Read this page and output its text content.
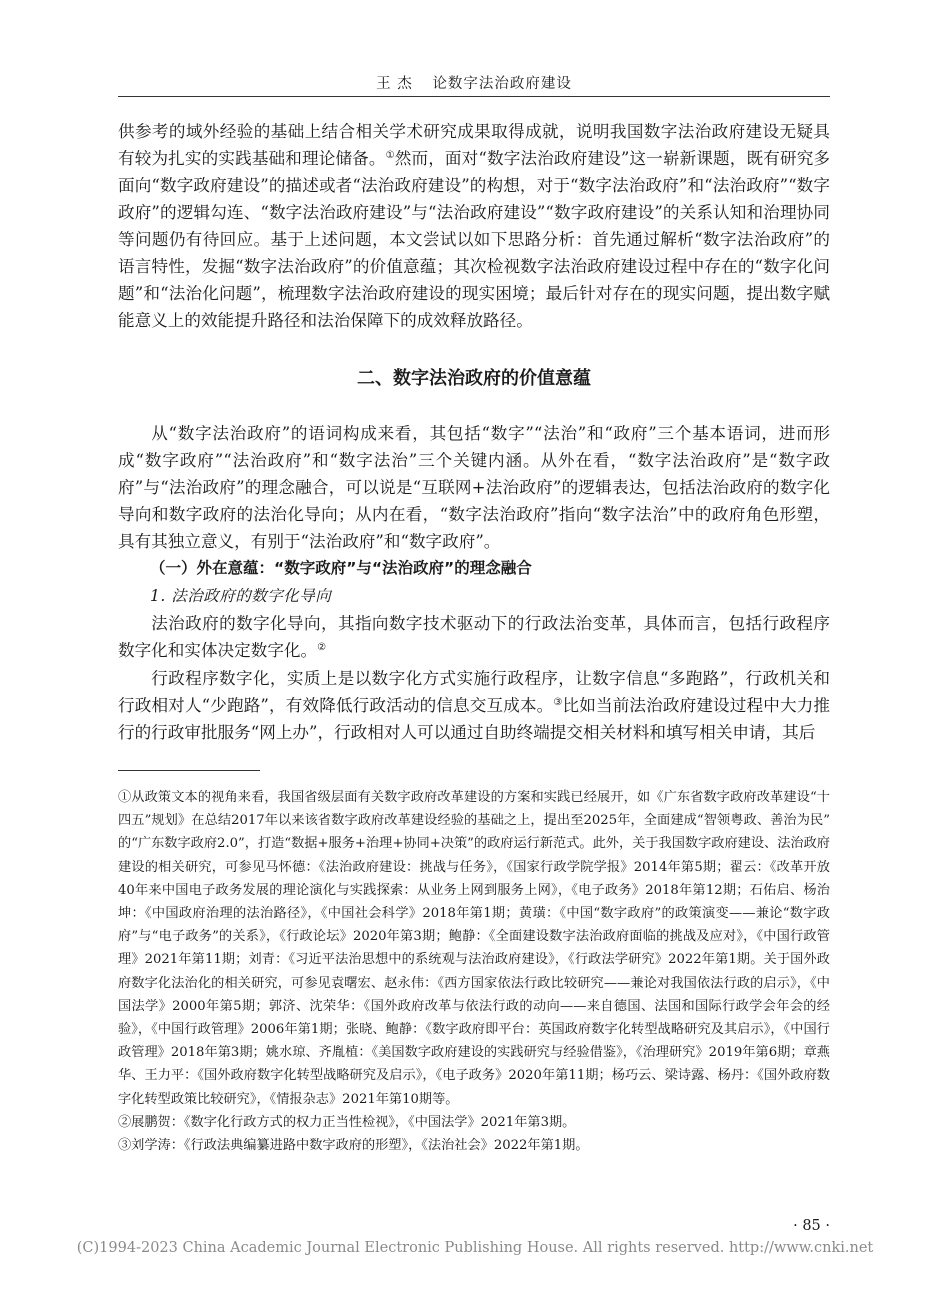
王 杰 论数字法治政府建设

供参考的域外经验的基础上结合相关学术研究成果取得成就，说明我国数字法治政府建设无疑具有较为扎实的实践基础和理论储备。①然而，面对“数字法治政府建设”这一崭新课题，既有研究多面向“数字政府建设”的描述或者“法治政府建设”的构想，对于“数字法治政府”和“法治政府”“数字政府”的逻辑勾连、“数字法治政府建设”与“法治政府建设”“数字政府建设”的关系认知和治理协同等问题仍有待回应。基于上述问题，本文尝试以如下思路分析：首先通过解析“数字法治政府”的语言特性，发掘“数字法治政府”的价值意蕴；其次检视数字法治政府建设过程中存在的“数字化问题”和“法治化问题”，梳理数字法治政府建设的现实困境；最后针对存在的现实问题，提出数字赋能意义上的效能提升路径和法治保障下的成效释放路径。

二、数字法治政府的价值意蕴

从“数字法治政府”的语词构成来看，其包括“数字”“法治”和“政府”三个基本语词，进而形成“数字政府”“法治政府”和“数字法治”三个关键内涵。从外在看，“数字法治政府”是“数字政府”与“法治政府”的理念融合，可以说是“互联网+法治政府”的逻辑表达，包括法治政府的数字化导向和数字政府的法治化导向；从内在看，“数字法治政府”指向“数字法治”中的政府角色形塑，具有其独立意义，有别于“法治政府”和“数字政府”。

（一）外在意蕴：“数字政府”与“法治政府”的理念融合
1. 法治政府的数字化导向

法治政府的数字化导向，其指向数字技术驱动下的行政法治变革，具体而言，包括行政程序数字化和实体决定数字化。②

行政程序数字化，实质上是以数字化方式实施行政程序，让数字信息“多跑路”，行政机关和行政相对人“少跑路”，有效降低行政活动的信息交互成本。③比如当前法治政府建设过程中大力推行的行政审批服务“网上办”，行政相对人可以通过自助终端提交相关材料和填写相关申请，其后

①从政策文本的视角来看，我国省级层面有关数字政府改革建设的方案和实践已经展开，如《广东省数字政府改革建设“十四五”规划》在总结2017年以来该省数字政府改革建设经验的基础之上，提出至2025年，全面建成“智领粤政、善治为民” 的“广东数字政府2.0”，打造“数据+服务+治理+协同+决策”的政府运行新范式。此外，关于我国数字政府建设、法治政府建设的相关研究，可参见马怀德：《法治政府建设：挑战与任务》，《国家行政学院学报》2014年第5期；翟云：《改革开放40年来中国电子政务发展的理论演化与实践探索：从业务上网到服务上网》，《电子政务》2018年第12期；石佑启、杨治坤：《中国政府治理的法治路径》，《中国社会科学》2018年第1期；黄璜：《中国“数字政府”的政策演变——兼论“数字政府”与“电子政务”的关系》，《行政论坛》2020年第3期；鲍静：《全面建设数字法治政府面临的挑战及应对》，《中国行政管理》2021年第11期；刘青：《习近平法治思想中的系统观与法治政府建设》，《行政法学研究》2022年第1期。关于国外政府数字化法治化的相关研究，可参见袁曙宏、赵永伟：《西方国家依法行政比较研究——兼论对我国依法行政的启示》，《中国法学》2000年第5期；郭济、沈荣华：《国外政府改革与依法行政的动向——来自德国、法国和国际行政学会年会的经验》，《中国行政管理》2006年第1期；张晓、鲍静：《数字政府即平台：英国政府数字化转型战略研究及其启示》，《中国行政管理》2018年第3期；姚水琼、齐胤植：《美国数字政府建设的实践研究与经验借鉴》，《治理研究》2019年第6期；章燕华、王力平：《国外政府数字化转型战略研究及启示》，《电子政务》2020年第11期；杨巧云、梁诗露、杨丹：《国外政府数字化转型政策比较研究》，《情报杂志》2021年第10期等。

②展鹏贺：《数字化行政方式的权力正当性检视》，《中国法学》2021年第3期。

③刘学涛：《行政法典编纂进路中数字政府的形塑》，《法治社会》2022年第1期。

· 85 ·
(C)1994-2023 China Academic Journal Electronic Publishing House. All rights reserved. http://www.cnki.net
